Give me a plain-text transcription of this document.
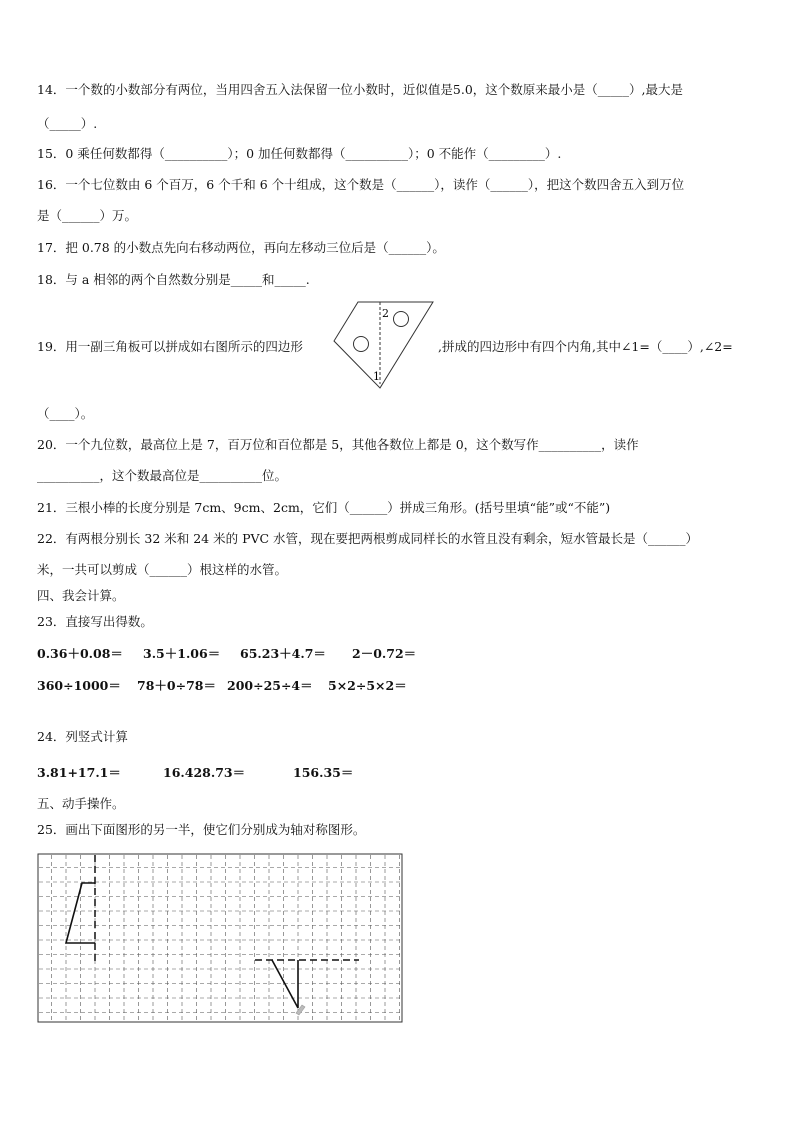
14．一个数的小数部分有两位，当用四舍五入法保留一位小数时，近似值是5.0，这个数原来最小是（_____）,最大是
（_____）.
15．0 乘任何数都得（__________）；0 加任何数都得（__________）；0 不能作（_________）.
16．一个七位数由 6 个百万，6 个千和 6 个十组成，这个数是（______），读作（______），把这个数四舍五入到万位
是（______）万。
17．把 0.78 的小数点先向右移动两位，再向左移动三位后是（______）。
18．与 a 相邻的两个自然数分别是_____和_____.
19．用一副三角板可以拼成如右图所示的四边形
2
1
,拼成的四边形中有四个内角,其中∠1=（____）,∠2=
（____）。
20．一个九位数，最高位上是 7，百万位和百位都是 5，其他各数位上都是 0，这个数写作__________，读作
__________，这个数最高位是__________位。
21．三根小棒的长度分别是 7cm、9cm、2cm，它们（______）拼成三角形。(括号里填“能”或“不能”)
22．有两根分别长 32 米和 24 米的 PVC 水管，现在要把两根剪成同样长的水管且没有剩余，短水管最长是（______）
米，一共可以剪成（______）根这样的水管。
四、我会计算。
23．直接写出得数。
0.36＋0.08＝ 3.5＋1.06＝ 65.23＋4.7＝ 2－0.72＝
360÷1000＝ 78＋0÷78＝ 200÷25÷4＝ 5×2÷5×2＝
24．列竖式计算
3.81+17.1＝	16.428.73＝	156.35＝
五、动手操作。
25．画出下面图形的另一半，使它们分别成为轴对称图形。
